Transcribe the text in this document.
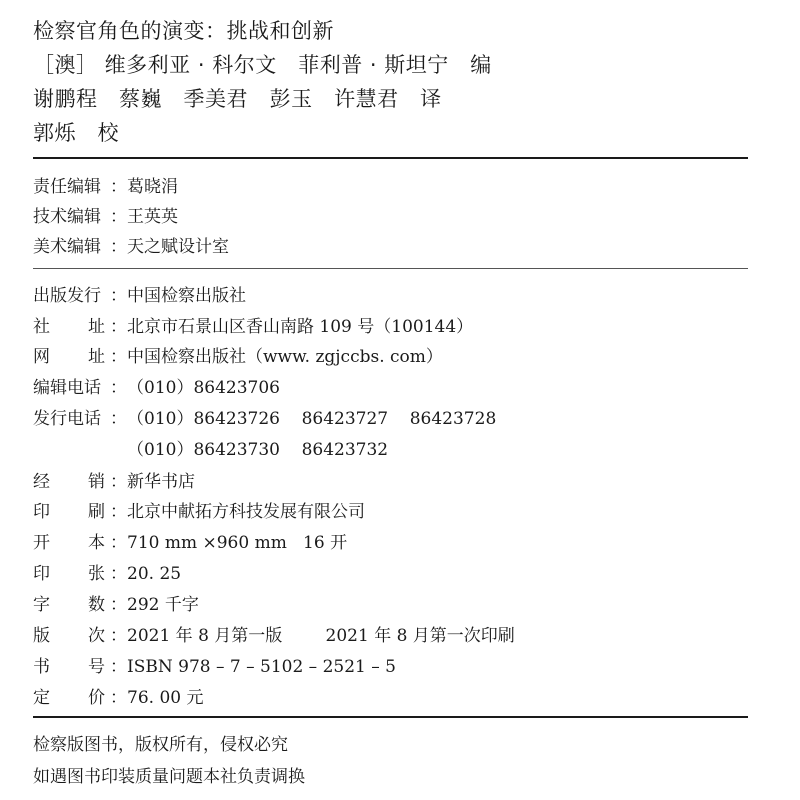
检察官角色的演变：挑战和创新
［澳］ 维多利亚 · 科尔文   菲利普 · 斯坦宁   编
谢鹏程   蔡巍   季美君   彭玉   许慧君   译
郭烁   校
责任编辑 ： 葛晓涓
技术编辑 ： 王英英
美术编辑 ： 天之赋设计室
出版发行 ： 中国检察出版社
社 址 ： 北京市石景山区香山南路 109 号（100144）
网 址 ： 中国检察出版社（www. zgjccbs. com）
编辑电话 ： （010）86423706
发行电话 ： （010）86423726    86423727    86423728
（010）86423730    86423732
经 销 ： 新华书店
印 刷 ： 北京中献拓方科技发展有限公司
开 本 ： 710 mm ×960 mm   16 开
印 张 ： 20. 25
字 数 ： 292 千字
版 次 ： 2021 年 8 月第一版        2021 年 8 月第一次印刷
书 号 ： ISBN 978 – 7 – 5102 – 2521 – 5
定 价 ： 76. 00 元
检察版图书，版权所有，侵权必究
如遇图书印装质量问题本社负责调换
